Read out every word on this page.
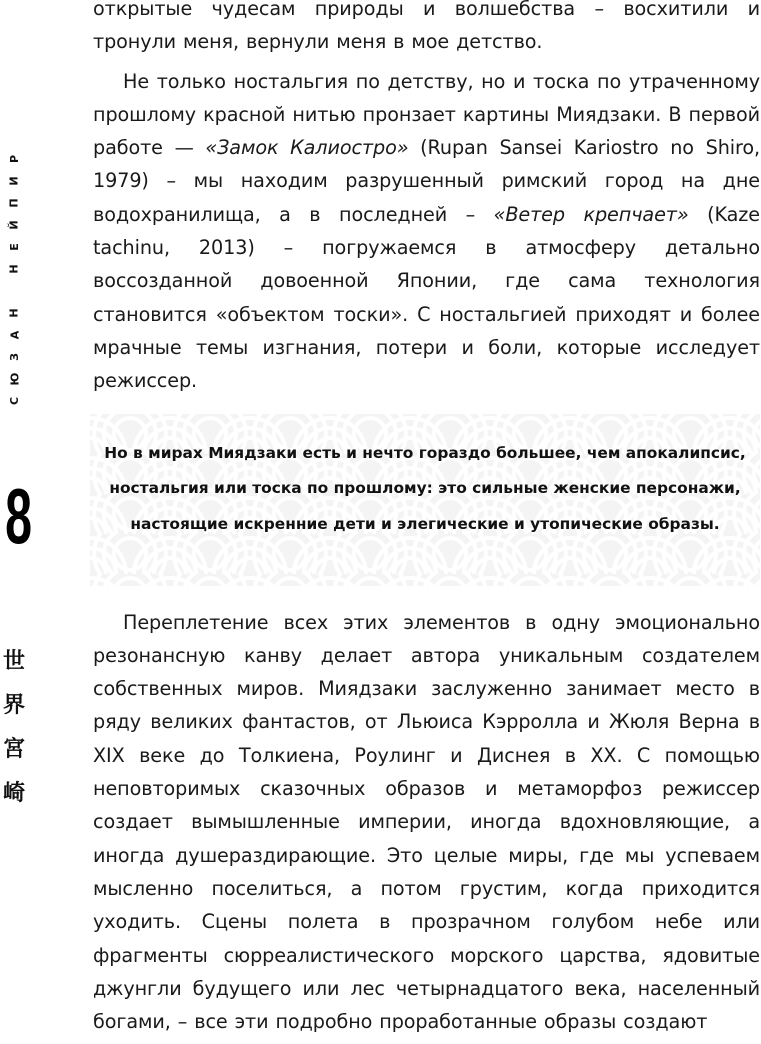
Р
И
П
Й
Е
Н
Н
А
З
Ю
С
8
世
界
宮
崎

открытые чудесам природы и волшебства – восхитили и тронули меня, вернули меня в мое детство.

Не только ностальгия по детству, но и тоска по утраченному прошлому красной нитью пронзает картины Миядзаки. В первой работе — «Замок Калиостро» (Rupan Sansei Kariostro no Shiro, 1979) – мы находим разрушенный римский город на дне водохранилища, а в последней – «Ветер крепчает» (Kaze tachinu, 2013) – погружаемся в атмосферу детально воссозданной довоенной Японии, где сама технология становится «объектом тоски». С ностальгией приходят и более мрачные темы изгнания, потери и боли, которые исследует режиссер.

Но в мирах Миядзаки есть и нечто гораздо большее, чем апокалипсис, ностальгия или тоска по прошлому: это сильные женские персонажи, настоящие искренние дети и элегические и утопические образы.

Переплетение всех этих элементов в одну эмоционально резонансную канву делает автора уникальным создателем собственных миров. Миядзаки заслуженно занимает место в ряду великих фантастов, от Льюиса Кэрролла и Жюля Верна в XIX веке до Толкиена, Роулинг и Диснея в XX. С помощью неповторимых сказочных образов и метаморфоз режиссер создает вымышленные империи, иногда вдохновляющие, а иногда душераздирающие. Это целые миры, где мы успеваем мысленно поселиться, а потом грустим, когда приходится уходить. Сцены полета в прозрачном голубом небе или фрагменты сюрреалистического морского царства, ядовитые джунгли будущего или лес четырнадцатого века, населенный богами, – все эти подробно проработанные образы создают
